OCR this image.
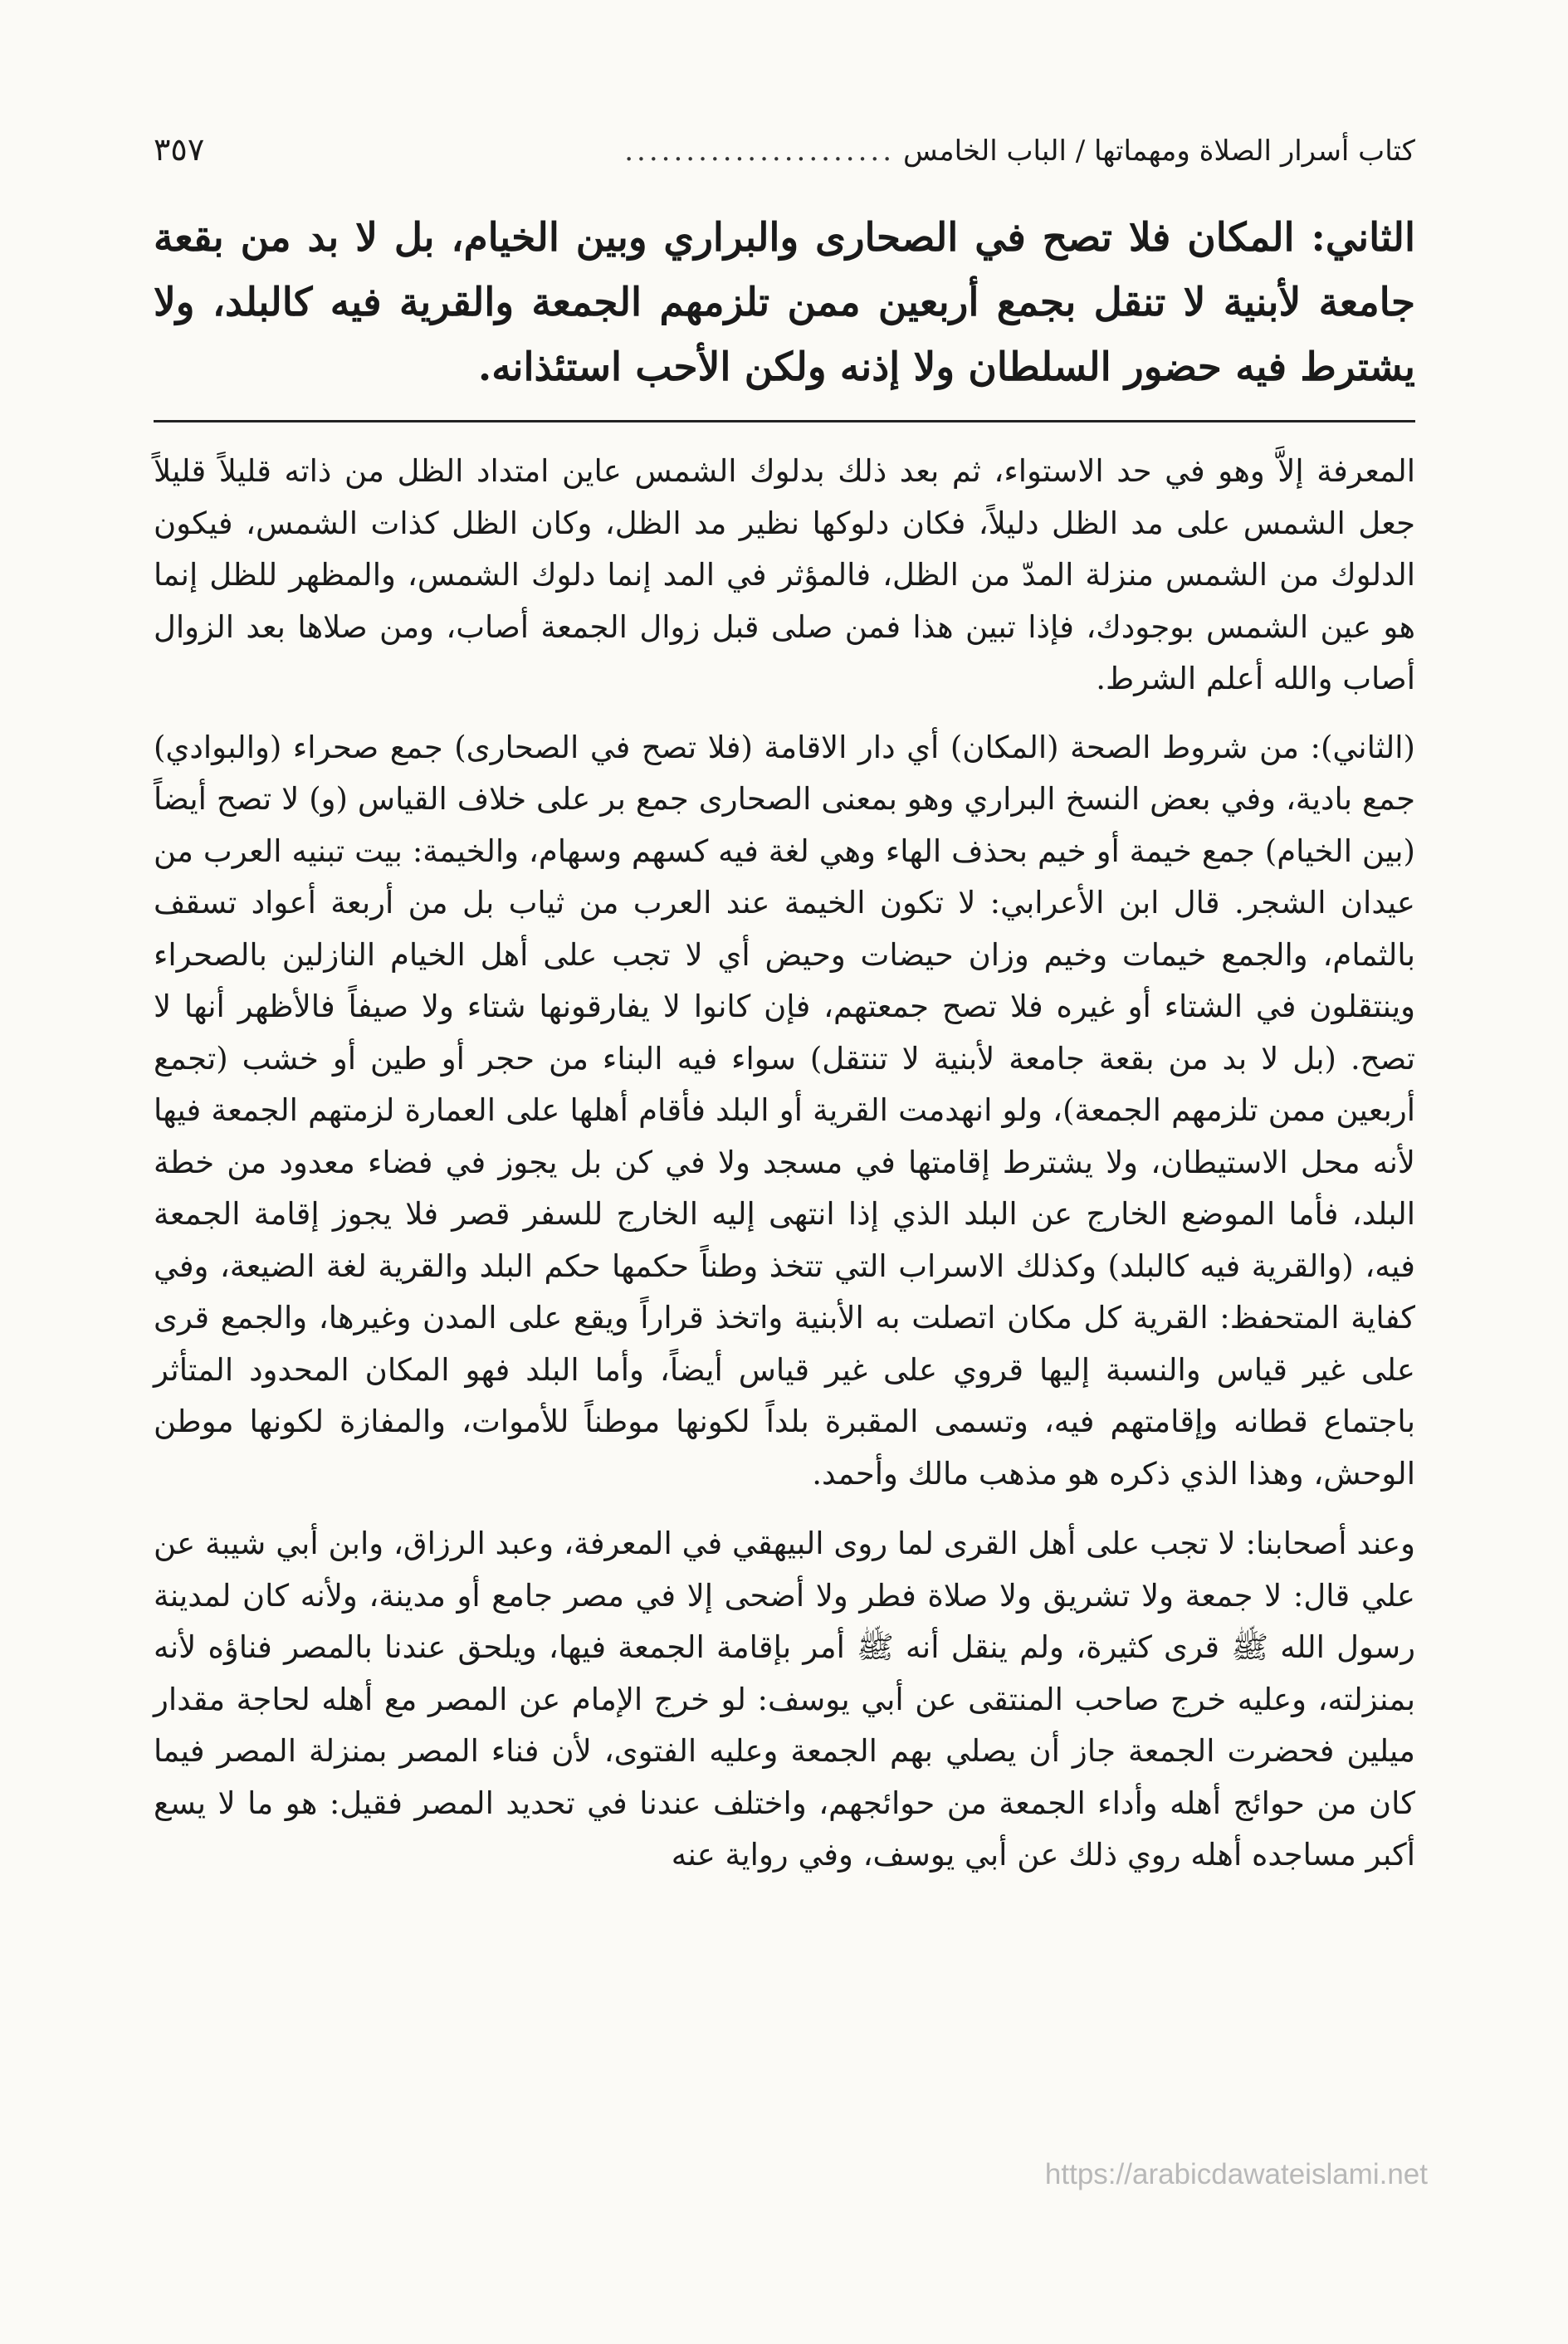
كتاب أسرار الصلاة ومهماتها / الباب الخامس
......................
٣٥٧
الثاني: المكان فلا تصح في الصحارى والبراري وبين الخيام، بل لا بد من بقعة جامعة لأبنية لا تنقل بجمع أربعين ممن تلزمهم الجمعة والقرية فيه كالبلد، ولا يشترط فيه حضور السلطان ولا إذنه ولكن الأحب استئذانه.

المعرفة إلاَّ وهو في حد الاستواء، ثم بعد ذلك بدلوك الشمس عاين امتداد الظل من ذاته قليلاً قليلاً جعل الشمس على مد الظل دليلاً، فكان دلوكها نظير مد الظل، وكان الظل كذات الشمس، فيكون الدلوك من الشمس منزلة المدّ من الظل، فالمؤثر في المد إنما دلوك الشمس، والمظهر للظل إنما هو عين الشمس بوجودك، فإذا تبين هذا فمن صلى قبل زوال الجمعة أصاب، ومن صلاها بعد الزوال أصاب والله أعلم الشرط.

(الثاني): من شروط الصحة (المكان) أي دار الاقامة (فلا تصح في الصحارى) جمع صحراء (والبوادي) جمع بادية، وفي بعض النسخ البراري وهو بمعنى الصحارى جمع بر على خلاف القياس (و) لا تصح أيضاً (بين الخيام) جمع خيمة أو خيم بحذف الهاء وهي لغة فيه كسهم وسهام، والخيمة: بيت تبنيه العرب من عيدان الشجر. قال ابن الأعرابي: لا تكون الخيمة عند العرب من ثياب بل من أربعة أعواد تسقف بالثمام، والجمع خيمات وخيم وزان حيضات وحيض أي لا تجب على أهل الخيام النازلين بالصحراء وينتقلون في الشتاء أو غيره فلا تصح جمعتهم، فإن كانوا لا يفارقونها شتاء ولا صيفاً فالأظهر أنها لا تصح. (بل لا بد من بقعة جامعة لأبنية لا تنتقل) سواء فيه البناء من حجر أو طين أو خشب (تجمع أربعين ممن تلزمهم الجمعة)، ولو انهدمت القرية أو البلد فأقام أهلها على العمارة لزمتهم الجمعة فيها لأنه محل الاستيطان، ولا يشترط إقامتها في مسجد ولا في كن بل يجوز في فضاء معدود من خطة البلد، فأما الموضع الخارج عن البلد الذي إذا انتهى إليه الخارج للسفر قصر فلا يجوز إقامة الجمعة فيه، (والقرية فيه كالبلد) وكذلك الاسراب التي تتخذ وطناً حكمها حكم البلد والقرية لغة الضيعة، وفي كفاية المتحفظ: القرية كل مكان اتصلت به الأبنية واتخذ قراراً ويقع على المدن وغيرها، والجمع قرى على غير قياس والنسبة إليها قروي على غير قياس أيضاً، وأما البلد فهو المكان المحدود المتأثر باجتماع قطانه وإقامتهم فيه، وتسمى المقبرة بلداً لكونها موطناً للأموات، والمفازة لكونها موطن الوحش، وهذا الذي ذكره هو مذهب مالك وأحمد.

وعند أصحابنا: لا تجب على أهل القرى لما روى البيهقي في المعرفة، وعبد الرزاق، وابن أبي شيبة عن علي قال: لا جمعة ولا تشريق ولا صلاة فطر ولا أضحى إلا في مصر جامع أو مدينة، ولأنه كان لمدينة رسول الله ﷺ قرى كثيرة، ولم ينقل أنه ﷺ أمر بإقامة الجمعة فيها، ويلحق عندنا بالمصر فناؤه لأنه بمنزلته، وعليه خرج صاحب المنتقى عن أبي يوسف: لو خرج الإمام عن المصر مع أهله لحاجة مقدار ميلين فحضرت الجمعة جاز أن يصلي بهم الجمعة وعليه الفتوى، لأن فناء المصر بمنزلة المصر فيما كان من حوائج أهله وأداء الجمعة من حوائجهم، واختلف عندنا في تحديد المصر فقيل: هو ما لا يسع أكبر مساجده أهله روي ذلك عن أبي يوسف، وفي رواية عنه

https://arabicdawateislami.net
